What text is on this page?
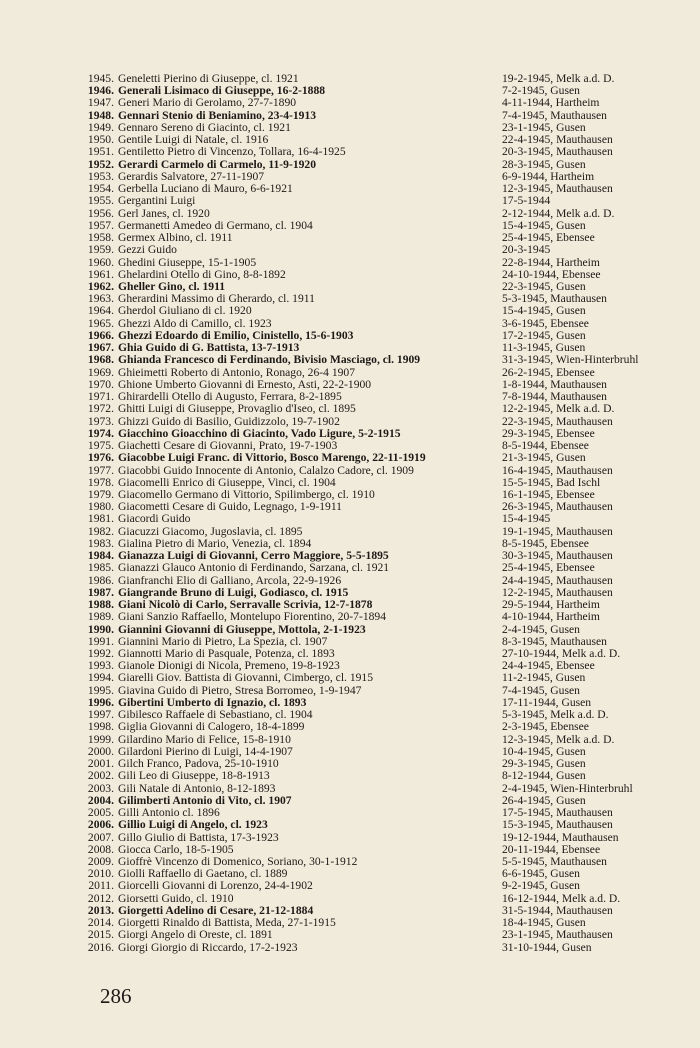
1945. Geneletti Pierino di Giuseppe, cl. 1921	19-2-1945, Melk a.d. D.
1946. Generali Lisimaco di Giuseppe, 16-2-1888	7-2-1945, Gusen
1947. Generi Mario di Gerolamo, 27-7-1890	4-11-1944, Hartheim
1948. Gennari Stenio di Beniamino, 23-4-1913	7-4-1945, Mauthausen
1949. Gennaro Sereno di Giacinto, cl. 1921	23-1-1945, Gusen
1950. Gentile Luigi di Natale, cl. 1916	22-4-1945, Mauthausen
1951. Gentiletto Pietro di Vincenzo, Tollara, 16-4-1925	20-3-1945, Mauthausen
1952. Gerardi Carmelo di Carmelo, 11-9-1920	28-3-1945, Gusen
1953. Gerardis Salvatore, 27-11-1907	6-9-1944, Hartheim
1954. Gerbella Luciano di Mauro, 6-6-1921	12-3-1945, Mauthausen
1955. Gergantini Luigi	17-5-1944
1956. Gerl Janes, cl. 1920	2-12-1944, Melk a.d. D.
1957. Germanetti Amedeo di Germano, cl. 1904	15-4-1945, Gusen
1958. Germex Albino, cl. 1911	25-4-1945, Ebensee
1959. Gezzi Guido	20-3-1945
1960. Ghedini Giuseppe, 15-1-1905	22-8-1944, Hartheim
1961. Ghelardini Otello di Gino, 8-8-1892	24-10-1944, Ebensee
1962. Gheller Gino, cl. 1911	22-3-1945, Gusen
1963. Gherardini Massimo di Gherardo, cl. 1911	5-3-1945, Mauthausen
1964. Gherdol Giuliano di cl. 1920	15-4-1945, Gusen
1965. Ghezzi Aldo di Camillo, cl. 1923	3-6-1945, Ebensee
1966. Ghezzi Edoardo di Emilio, Cinistello, 15-6-1903	17-2-1945, Gusen
1967. Ghia Guido di G. Battista, 13-7-1913	11-3-1945, Gusen
1968. Ghianda Francesco di Ferdinando, Bivisio Masciago, cl. 1909	31-3-1945, Wien-Hinterbruhl
1969. Ghieimetti Roberto di Antonio, Ronago, 26-4 1907	26-2-1945, Ebensee
1970. Ghione Umberto Giovanni di Ernesto, Asti, 22-2-1900	1-8-1944, Mauthausen
1971. Ghirardelli Otello di Augusto, Ferrara, 8-2-1895	7-8-1944, Mauthausen
1972. Ghitti Luigi di Giuseppe, Provaglio d'Iseo, cl. 1895	12-2-1945, Melk a.d. D.
1973. Ghizzi Guido di Basilio, Guidizzolo, 19-7-1902	22-3-1945, Mauthausen
1974. Giacchino Gioacchino di Giacinto, Vado Ligure, 5-2-1915	29-3-1945, Ebensee
1975. Giachetti Cesare di Giovanni, Prato, 19-7-1903	8-5-1944, Ebensee
1976. Giacobbe Luigi Franc. di Vittorio, Bosco Marengo, 22-11-1919	21-3-1945, Gusen
1977. Giacobbi Guido Innocente di Antonio, Calalzo Cadore, cl. 1909	16-4-1945, Mauthausen
1978. Giacomelli Enrico di Giuseppe, Vinci, cl. 1904	15-5-1945, Bad Ischl
1979. Giacomello Germano di Vittorio, Spilimbergo, cl. 1910	16-1-1945, Ebensee
1980. Giacometti Cesare di Guido, Legnago, 1-9-1911	26-3-1945, Mauthausen
1981. Giacordi Guido	15-4-1945
1982. Giacuzzi Giacomo, Jugoslavia, cl. 1895	19-1-1945, Mauthausen
1983. Gialina Pietro di Mario, Venezia, cl. 1894	8-5-1945, Ebensee
1984. Gianazza Luigi di Giovanni, Cerro Maggiore, 5-5-1895	30-3-1945, Mauthausen
1985. Gianazzi Glauco Antonio di Ferdinando, Sarzana, cl. 1921	25-4-1945, Ebensee
1986. Gianfranchi Elio di Galliano, Arcola, 22-9-1926	24-4-1945, Mauthausen
1987. Giangrande Bruno di Luigi, Godiasco, cl. 1915	12-2-1945, Mauthausen
1988. Giani Nicolò di Carlo, Serravalle Scrivia, 12-7-1878	29-5-1944, Hartheim
1989. Giani Sanzio Raffaello, Montelupo Fiorentino, 20-7-1894	4-10-1944, Hartheim
1990. Giannini Giovanni di Giuseppe, Mottola, 2-1-1923	2-4-1945, Gusen
1991. Giannini Mario di Pietro, La Spezia, cl. 1907	8-3-1945, Mauthausen
1992. Giannotti Mario di Pasquale, Potenza, cl. 1893	27-10-1944, Melk a.d. D.
1993. Gianole Dionigi di Nicola, Premeno, 19-8-1923	24-4-1945, Ebensee
1994. Giarelli Giov. Battista di Giovanni, Cimbergo, cl. 1915	11-2-1945, Gusen
1995. Giavina Guido di Pietro, Stresa Borromeo, 1-9-1947	7-4-1945, Gusen
1996. Gibertini Umberto di Ignazio, cl. 1893	17-11-1944, Gusen
1997. Gibilesco Raffaele di Sebastiano, cl. 1904	5-3-1945, Melk a.d. D.
1998. Giglia Giovanni di Calogero, 18-4-1899	2-3-1945, Ebensee
1999. Gilardino Mario di Felice, 15-8-1910	12-3-1945, Melk a.d. D.
2000. Gilardoni Pierino di Luigi, 14-4-1907	10-4-1945, Gusen
2001. Gilch Franco, Padova, 25-10-1910	29-3-1945, Gusen
2002. Gili Leo di Giuseppe, 18-8-1913	8-12-1944, Gusen
2003. Gili Natale di Antonio, 8-12-1893	2-4-1945, Wien-Hinterbruhl
2004. Gilimberti Antonio di Vito, cl. 1907	26-4-1945, Gusen
2005. Gilli Antonio cl. 1896	17-5-1945, Mauthausen
2006. Gillio Luigi di Angelo, cl. 1923	15-3-1945, Mauthausen
2007. Gillo Giulio di Battista, 17-3-1923	19-12-1944, Mauthausen
2008. Giocca Carlo, 18-5-1905	20-11-1944, Ebensee
2009. Gioffrè Vincenzo di Domenico, Soriano, 30-1-1912	5-5-1945, Mauthausen
2010. Giolli Raffaello di Gaetano, cl. 1889	6-6-1945, Gusen
2011. Giorcelli Giovanni di Lorenzo, 24-4-1902	9-2-1945, Gusen
2012. Giorsetti Guido, cl. 1910	16-12-1944, Melk a.d. D.
2013. Giorgetti Adelino di Cesare, 21-12-1884	31-5-1944, Mauthausen
2014. Giorgetti Rinaldo di Battista, Meda, 27-1-1915	18-4-1945, Gusen
2015. Giorgi Angelo di Oreste, cl. 1891	23-1-1945, Mauthausen
2016. Giorgi Giorgio di Riccardo, 17-2-1923	31-10-1944, Gusen
286
